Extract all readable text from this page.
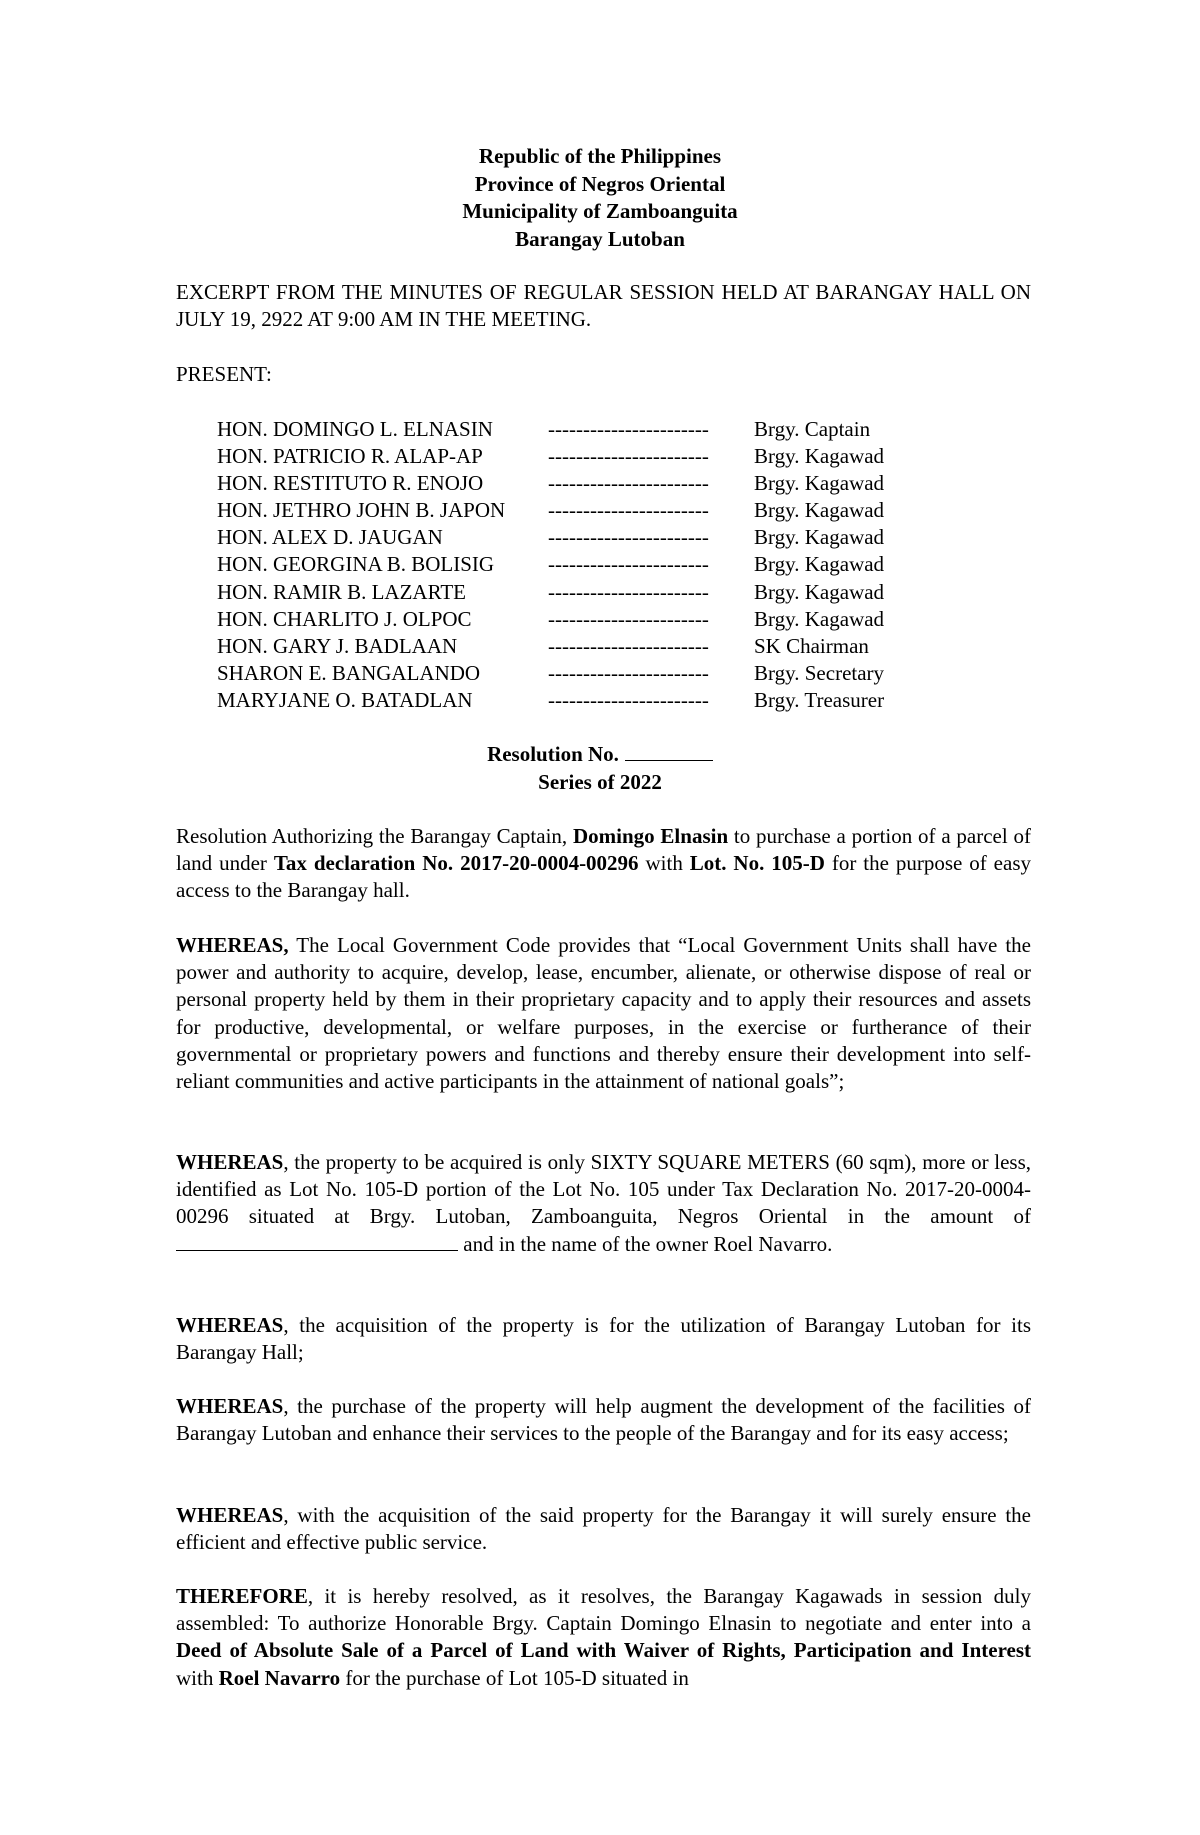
Republic of the Philippines
Province of Negros Oriental
Municipality of Zamboanguita
Barangay Lutoban
EXCERPT FROM THE MINUTES OF REGULAR SESSION HELD AT BARANGAY HALL ON JULY 19, 2922 AT 9:00 AM IN THE MEETING.
PRESENT:
HON. DOMINGO L. ELNASIN	----------------------- Brgy. Captain
HON. PATRICIO R. ALAP-AP	----------------------- Brgy. Kagawad
HON. RESTITUTO R. ENOJO	----------------------- Brgy. Kagawad
HON. JETHRO JOHN B. JAPON ----------------------- Brgy. Kagawad
HON. ALEX D. JAUGAN	----------------------- Brgy. Kagawad
HON. GEORGINA B. BOLISIG	----------------------- Brgy. Kagawad
HON. RAMIR B. LAZARTE	----------------------- Brgy. Kagawad
HON. CHARLITO J. OLPOC	----------------------- Brgy. Kagawad
HON. GARY J. BADLAAN	----------------------- SK Chairman
SHARON E. BANGALANDO	----------------------- Brgy. Secretary
MARYJANE O. BATADLAN	----------------------- Brgy. Treasurer
Resolution No.
Series of 2022
Resolution Authorizing the Barangay Captain, Domingo Elnasin to purchase a portion of a parcel of land under Tax declaration No. 2017-20-0004-00296 with Lot. No. 105-D for the purpose of easy access to the Barangay hall.
WHEREAS, The Local Government Code provides that “Local Government Units shall have the power and authority to acquire, develop, lease, encumber, alienate, or otherwise dispose of real or personal property held by them in their proprietary capacity and to apply their resources and assets for productive, developmental, or welfare purposes, in the exercise or furtherance of their governmental or proprietary powers and functions and thereby ensure their development into self-reliant communities and active participants in the attainment of national goals”;
WHEREAS, the property to be acquired is only SIXTY SQUARE METERS (60 sqm), more or less, identified as Lot No. 105-D portion of the Lot No. 105 under Tax Declaration No. 2017-20-0004-00296 situated at Brgy. Lutoban, Zamboanguita, Negros Oriental in the amount of  and in the name of the owner Roel Navarro.
WHEREAS, the acquisition of the property is for the utilization of Barangay Lutoban for its Barangay Hall;
WHEREAS, the purchase of the property will help augment the development of the facilities of Barangay Lutoban and enhance their services to the people of the Barangay and for its easy access;
WHEREAS, with the acquisition of the said property for the Barangay it will surely ensure the efficient and effective public service.
THEREFORE, it is hereby resolved, as it resolves, the Barangay Kagawads in session duly assembled: To authorize Honorable Brgy. Captain Domingo Elnasin to negotiate and enter into a Deed of Absolute Sale of a Parcel of Land with Waiver of Rights, Participation and Interest with Roel Navarro for the purchase of Lot 105-D situated in
